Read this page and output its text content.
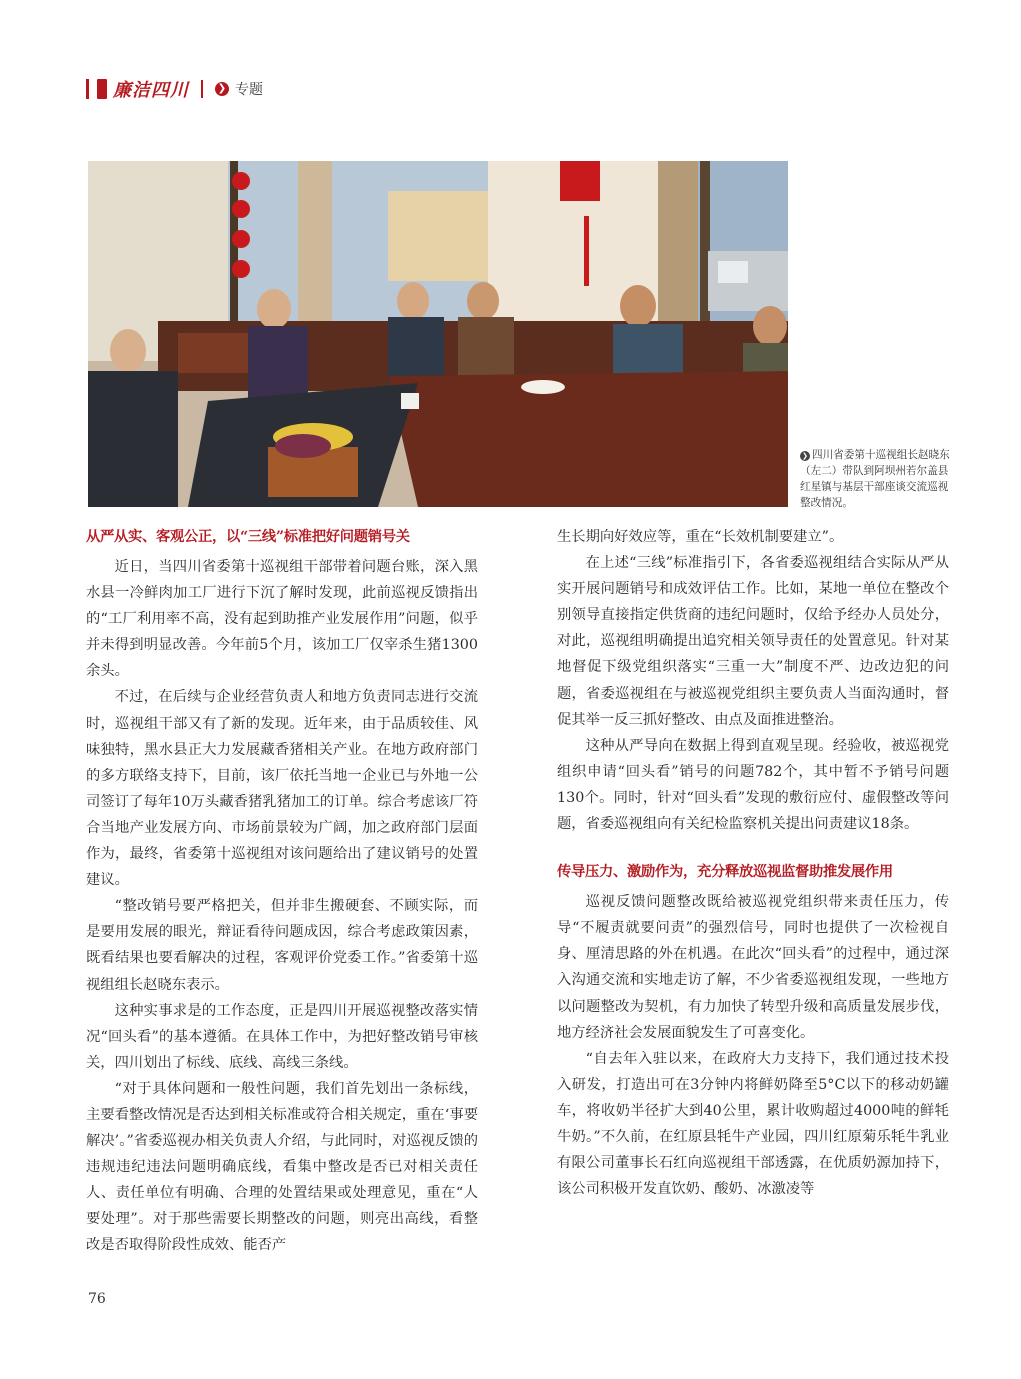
廉洁四川	❯ 专题
❯ 四川省委第十巡视组长赵晓东（左二）带队到阿坝州若尔盖县红星镇与基层干部座谈交流巡视整改情况。
从严从实、客观公正，以“三线”标准把好问题销号关

近日，当四川省委第十巡视组干部带着问题台账，深入黑水县一冷鲜肉加工厂进行下沉了解时发现，此前巡视反馈指出的“工厂利用率不高，没有起到助推产业发展作用”问题，似乎并未得到明显改善。今年前5个月，该加工厂仅宰杀生猪1300余头。

不过，在后续与企业经营负责人和地方负责同志进行交流时，巡视组干部又有了新的发现。近年来，由于品质较佳、风味独特，黑水县正大力发展藏香猪相关产业。在地方政府部门的多方联络支持下，目前，该厂依托当地一企业已与外地一公司签订了每年10万头藏香猪乳猪加工的订单。综合考虑该厂符合当地产业发展方向、市场前景较为广阔，加之政府部门层面作为，最终，省委第十巡视组对该问题给出了建议销号的处置建议。

“整改销号要严格把关，但并非生搬硬套、不顾实际，而是要用发展的眼光，辩证看待问题成因，综合考虑政策因素，既看结果也要看解决的过程，客观评价党委工作。”省委第十巡视组组长赵晓东表示。

这种实事求是的工作态度，正是四川开展巡视整改落实情况“回头看”的基本遵循。在具体工作中，为把好整改销号审核关，四川划出了标线、底线、高线三条线。

“对于具体问题和一般性问题，我们首先划出一条标线，主要看整改情况是否达到相关标准或符合相关规定，重在‘事要解决’。”省委巡视办相关负责人介绍，与此同时，对巡视反馈的违规违纪违法问题明确底线，看集中整改是否已对相关责任人、责任单位有明确、合理的处置结果或处理意见，重在“人要处理”。对于那些需要长期整改的问题，则亮出高线，看整改是否取得阶段性成效、能否产

生长期向好效应等，重在“长效机制要建立”。

在上述“三线”标准指引下，各省委巡视组结合实际从严从实开展问题销号和成效评估工作。比如，某地一单位在整改个别领导直接指定供货商的违纪问题时，仅给予经办人员处分，对此，巡视组明确提出追究相关领导责任的处置意见。针对某地督促下级党组织落实“三重一大”制度不严、边改边犯的问题，省委巡视组在与被巡视党组织主要负责人当面沟通时，督促其举一反三抓好整改、由点及面推进整治。

这种从严导向在数据上得到直观呈现。经验收，被巡视党组织申请“回头看”销号的问题782个，其中暂不予销号问题130个。同时，针对“回头看”发现的敷衍应付、虚假整改等问题，省委巡视组向有关纪检监察机关提出问责建议18条。

传导压力、激励作为，充分释放巡视监督助推发展作用

巡视反馈问题整改既给被巡视党组织带来责任压力，传导“不履责就要问责”的强烈信号，同时也提供了一次检视自身、厘清思路的外在机遇。在此次“回头看”的过程中，通过深入沟通交流和实地走访了解，不少省委巡视组发现，一些地方以问题整改为契机，有力加快了转型升级和高质量发展步伐，地方经济社会发展面貌发生了可喜变化。

“自去年入驻以来，在政府大力支持下，我们通过技术投入研发，打造出可在3分钟内将鲜奶降至5°C以下的移动奶罐车，将收奶半径扩大到40公里，累计收购超过4000吨的鲜牦牛奶。”不久前，在红原县牦牛产业园，四川红原菊乐牦牛乳业有限公司董事长石红向巡视组干部透露，在优质奶源加持下，该公司积极开发直饮奶、酸奶、冰激凌等

76
